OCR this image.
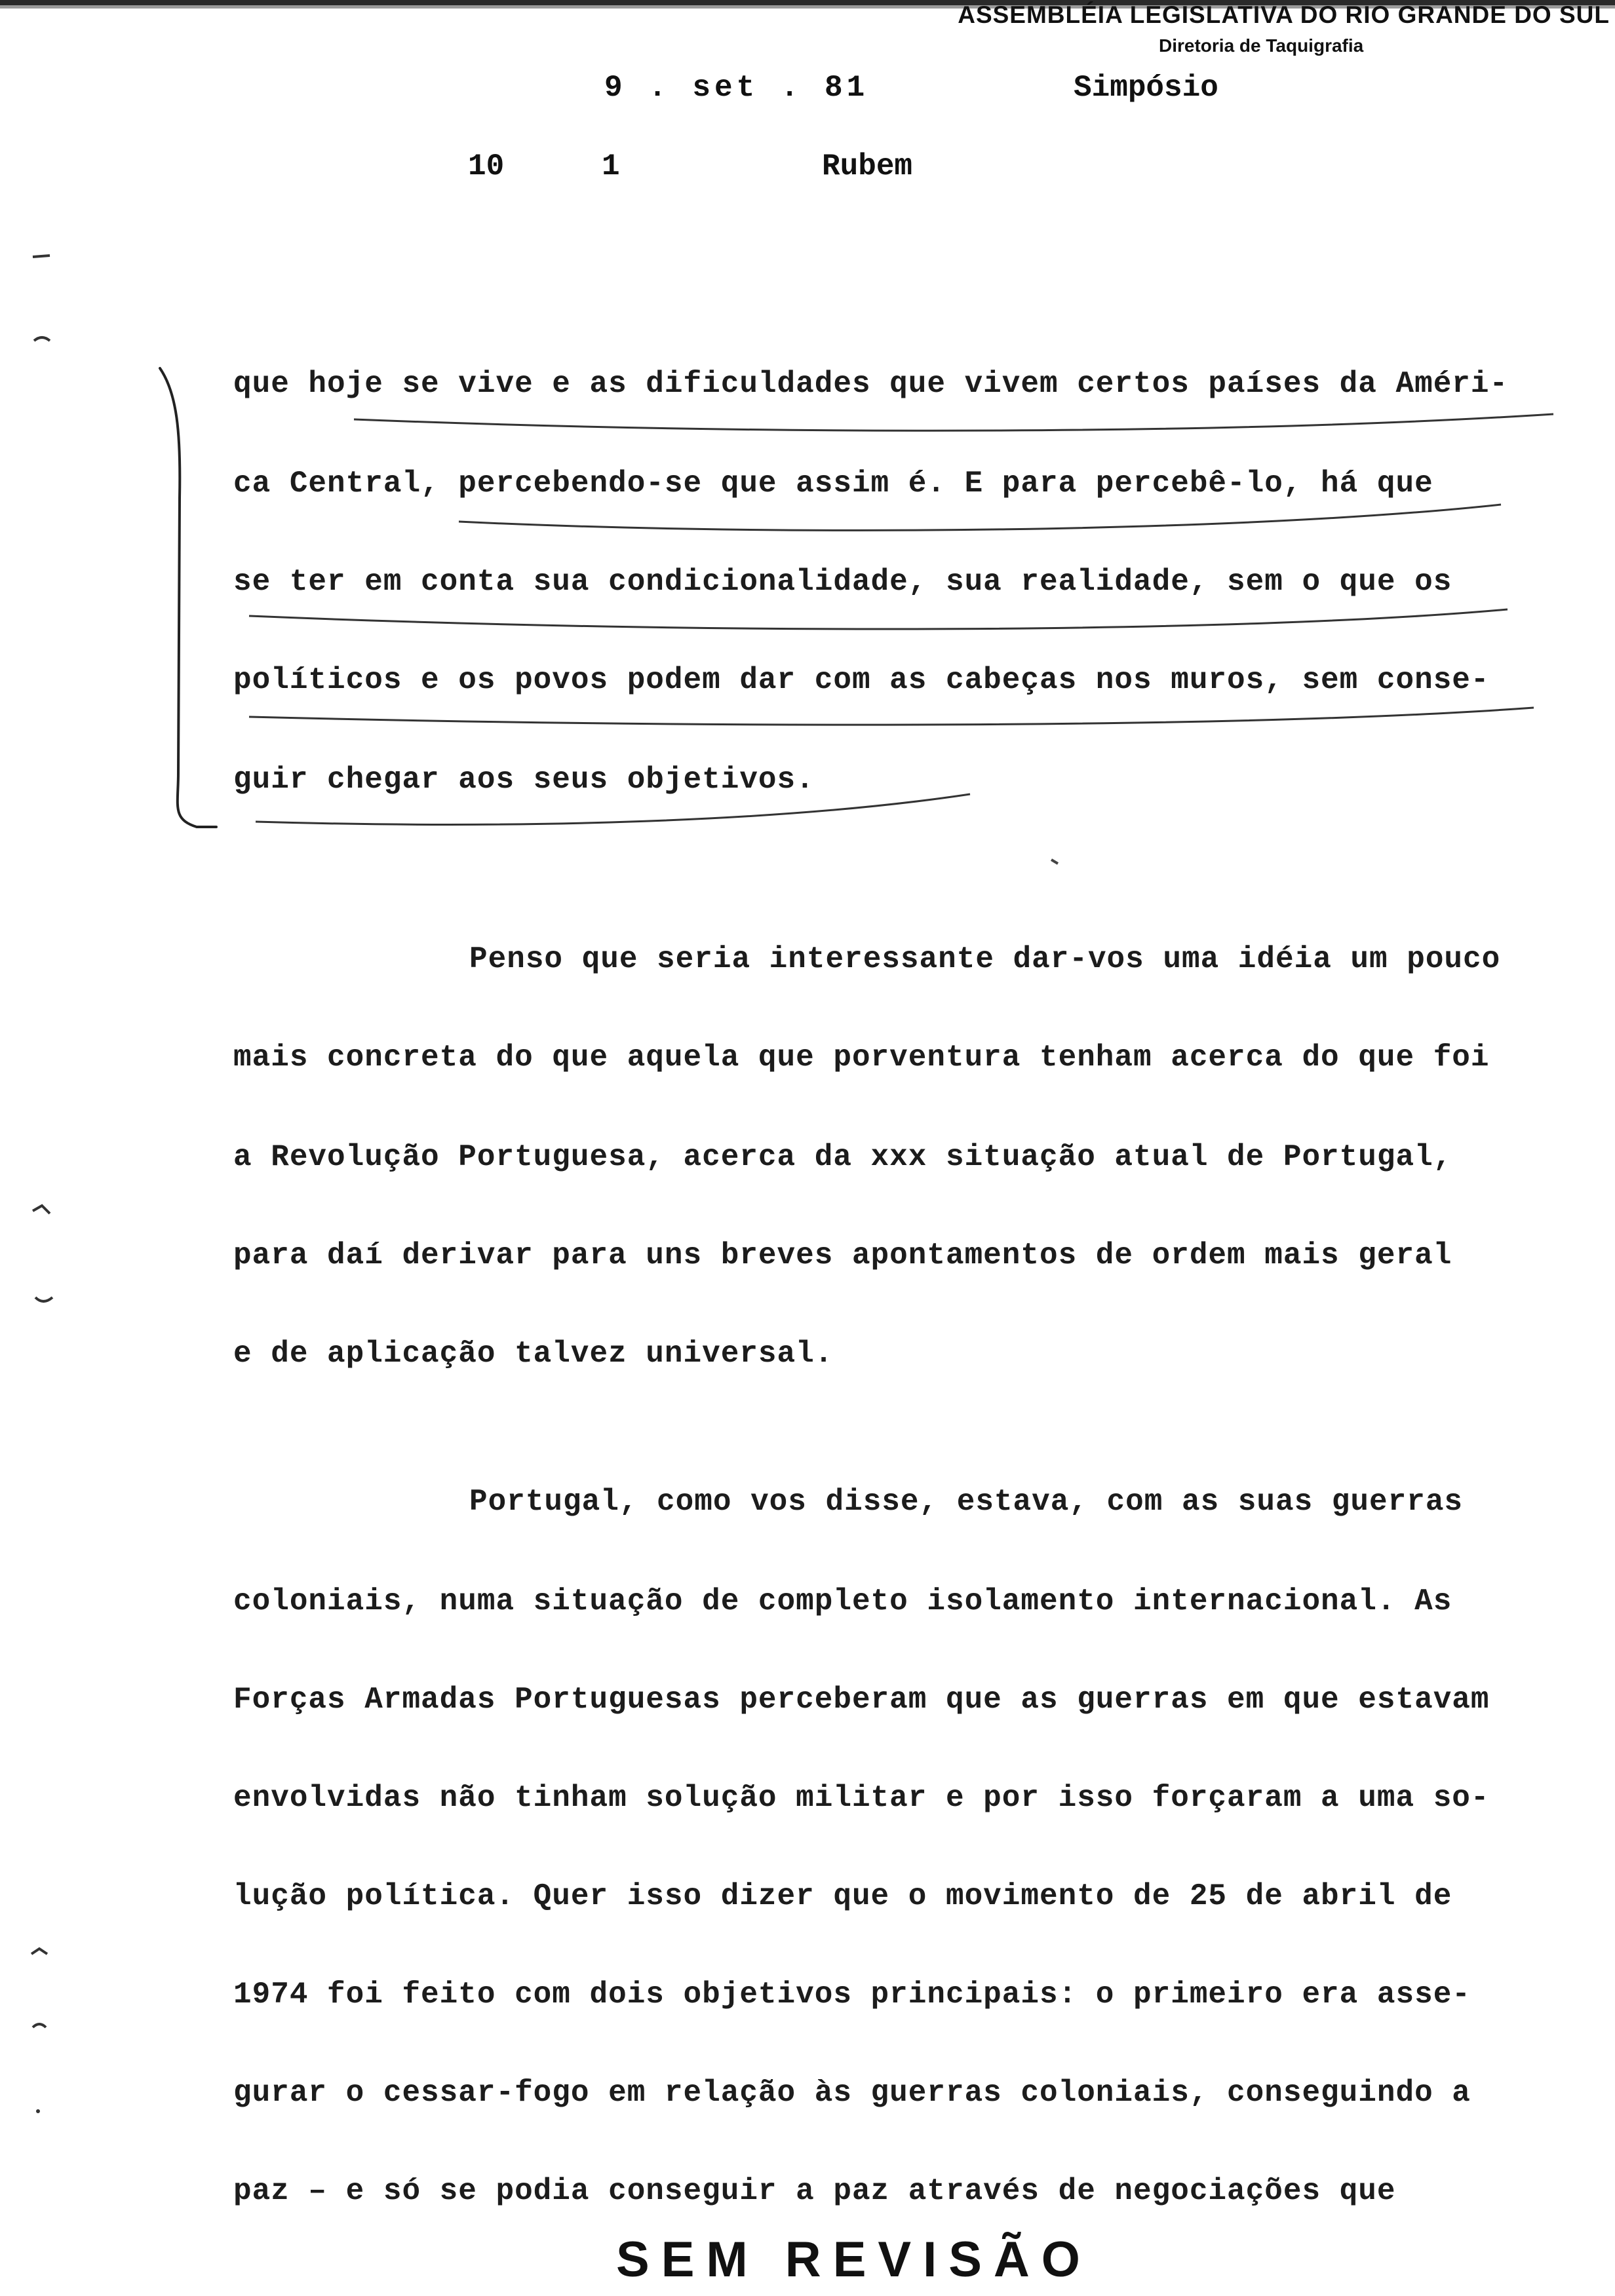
ASSEMBLÉIA LEGISLATIVA DO RIO GRANDE DO SUL
Diretoria de Taquigrafia
9 . set . 81	Simpósio
10	1	Rubem
que hoje se vive e as dificuldades que vivem certos países da Améri-
ca Central, percebendo-se que assim é. E para percebê-lo, há que
se ter em conta sua condicionalidade, sua realidade, sem o que os
políticos e os povos podem dar com as cabeças nos muros, sem conse-
guir chegar aos seus objetivos.
Penso que seria interessante dar-vos uma idéia um pouco
mais concreta do que aquela que porventura tenham acerca do que foi
a Revolução Portuguesa, acerca da xxx situação atual de Portugal,
para daí derivar para uns breves apontamentos de ordem mais geral
e de aplicação talvez universal.
Portugal, como vos disse, estava, com as suas guerras
coloniais, numa situação de completo isolamento internacional. As
Forças Armadas Portuguesas perceberam que as guerras em que estavam
envolvidas não tinham solução militar e por isso forçaram a uma so-
lução política. Quer isso dizer que o movimento de 25 de abril de
1974 foi feito com dois objetivos principais: o primeiro era asse-
gurar o cessar-fogo em relação às guerras coloniais, conseguindo a
paz – e só se podia conseguir a paz através de negociações que
SEM REVISÃO
